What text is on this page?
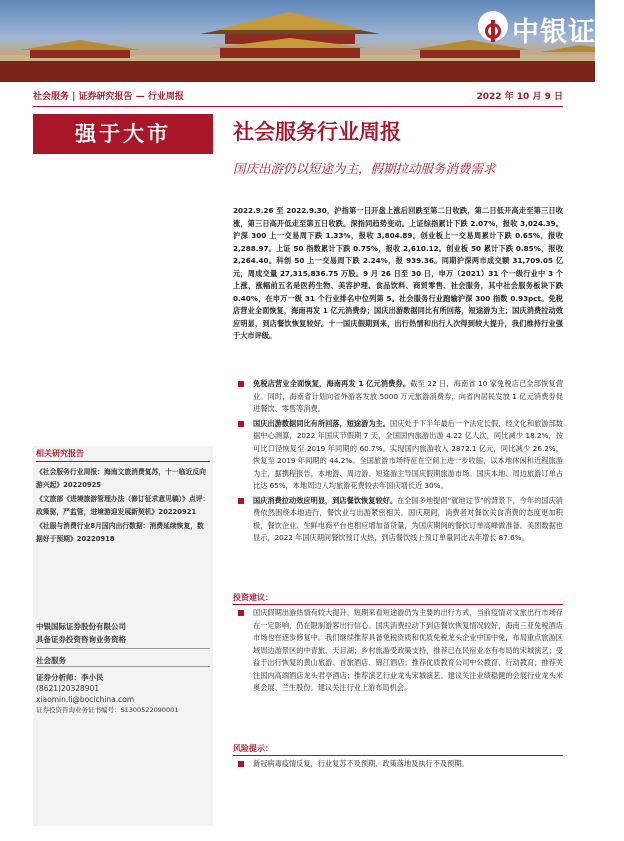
中银证券
社会服务 | 证券研究报告 — 行业周报	2022 年 10 月 9 日
强于大市	社会服务行业周报
国庆出游仍以短途为主，假期拉动服务消费需求
2022.9.26 至 2022.9.30，沪指第一日开盘上涨后回跌至第二日收跌，第二日低开高走至第三日收涨，第三日高开低走至第五日收跌。深指同趋势变动。上证综指累计下跌 2.07%，报收 3,024.39。沪深 300 上一交易周下跌 1.33%，报收 3,804.89。创业板上一交易周累计下跌 0.65%，报收 2,288.97。上证 50 指数累计下跌 0.75%，报收 2,610.12。创业板 50 累计下跌 0.85%，报收 2,264.40。科创 50 上一交易周下跌 2.24%，报 939.36。同期沪深两市成交额 31,709.05 亿元，周成交量 27,315,836.75 万股。9 月 26 日至 30 日，申万（2021）31 个一级行业中 3 个上涨，涨幅前五名是医药生物、美容护理、食品饮料、商贸零售、社会服务，其中社会服务板块下跌 0.40%，在申万一级 31 个行业排名中位列第 5。社会服务行业跑输沪深 300 指数 0.93pct。免税店营业全面恢复，海南再发 1 亿元消费券；国庆出游数据同比有所回落，短途游为主；国庆消费拉动效应明显，到店餐饮恢复较好。十一国庆假期到来，出行热情和出行人次得到较大提升，我们维持行业强于大市评级。
免税店营业全面恢复，海南再发 1 亿元消费券。截至 22 日，海南省 10 家免税店已全部恢复营业。同时，海南省计划向省外游客发放 5000 万元旅游消费券，向省内居民发放 1 亿元消费券促进餐饮、零售等消费。
国庆出游数据同比有所回落，短途游为主。国庆处于下半年最后一个法定长假，经文化和旅游部数据中心测算，2022 年国庆节假期 7 天，全国国内旅游出游 4.22 亿人次，同比减少 18.2%，按可比口径恢复至 2019 年同期的 60.7%。实现国内旅游收入 2872.1 亿元，同比减少 26.2%，恢复至 2019 年同期的 44.2%。全国旅游市场特征在空间上进一步收缩，以本地休闲和近程旅游为主，据携程报告，本地游、周边游、短途游主导国庆假期旅游市场。国庆本地、周边旅游订单占比达 65%，本地周边人均旅游花费较去年国庆增长近 30%。
国庆消费拉动效应明显，到店餐饮恢复较好。在全国多地提倡“就地过节”的背景下，今年的国庆消费依然围绕本地进行，餐饮业与出游紧密相关。国庆期间，消费者对餐饮关食消费的态度更加积极，餐饮企业、生鲜电商平台也相应增加备货量，为国庆期间的餐饮订单高峰做准备。美团数据也显示，2022 年国庆期间餐饮预订火热，到店餐饮线上预订单量同比去年增长 87.6%。
投资建议：
国庆假期出游热情有较大提升，短期来看短途游仍为主要的出行方式，当前疫情对文旅出行市场存在一定影响，仍在限制游客出行信心。国庆消费拉动下到店餐饮恢复情况较好，海南三亚免税酒店市场也在逐步修复中。我们继续推荐具备免税资质和优质免税龙头企业中国中免，布局重点旅游区域周边游景区的中青旅、天目湖；乡村旅游受政策支持，推荐已在民宿业态有布局的宋城演艺；受益于出行恢复的黄山旅游、首旅酒店、锦江酒店；推荐优质教育公司中公教育、行动教育；推荐关注国内高端酒店龙头君亭酒店；推荐演艺行业龙头宋城演艺。建议关注业绩稳健的会展行业龙头米奥会展、兰生股份。建议关注行业上游布局机会。
风险提示：
新冠病毒疫情反复，行业复苏不及预期、政策落地及执行不及预期。
相关研究报告
《社会服务行业周报：海南文旅消费复苏，十一临近反向游兴起》20220925
《文旅部《进境旅游管理办法（修订征求意见稿）》点评：政策驱，严监管，进境游迎发展新契机》20220921
《社服与消费行业8月国内出行数据：消费延续恢复，数据好于预期》20220918
中银国际证券股份有限公司
具备证券投资咨询业务资格
社会服务
证券分析师：李小民
(8621)20328901
xiaomin.li@bocichina.com
证券投资咨询业务证书编号：S1300522090001
